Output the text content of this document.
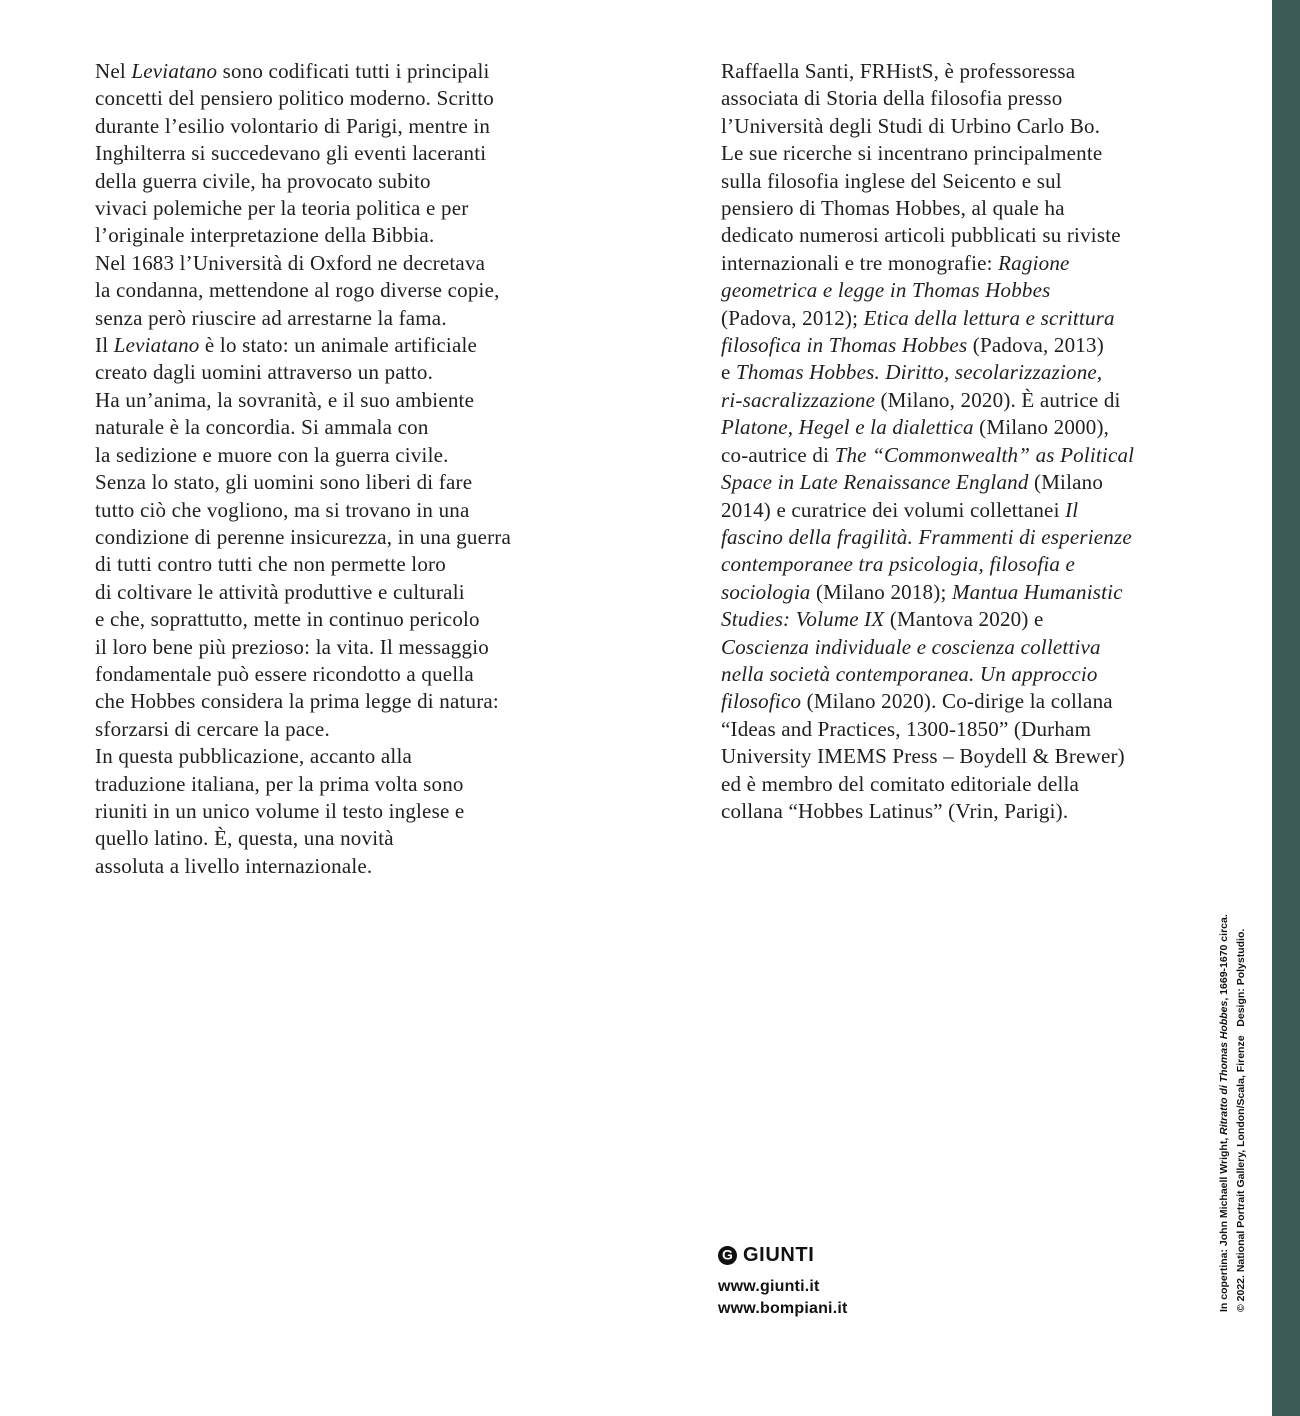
Nel Leviatano sono codificati tutti i principali
concetti del pensiero politico moderno. Scritto
durante l’esilio volontario di Parigi, mentre in
Inghilterra si succedevano gli eventi laceranti
della guerra civile, ha provocato subito
vivaci polemiche per la teoria politica e per
l’originale interpretazione della Bibbia.
Nel 1683 l’Università di Oxford ne decretava
la condanna, mettendone al rogo diverse copie,
senza però riuscire ad arrestarne la fama.
Il Leviatano è lo stato: un animale artificiale
creato dagli uomini attraverso un patto.
Ha un’anima, la sovranità, e il suo ambiente
naturale è la concordia. Si ammala con
la sedizione e muore con la guerra civile.
Senza lo stato, gli uomini sono liberi di fare
tutto ciò che vogliono, ma si trovano in una
condizione di perenne insicurezza, in una guerra
di tutti contro tutti che non permette loro
di coltivare le attività produttive e culturali
e che, soprattutto, mette in continuo pericolo
il loro bene più prezioso: la vita. Il messaggio
fondamentale può essere ricondotto a quella
che Hobbes considera la prima legge di natura:
sforzarsi di cercare la pace.
In questa pubblicazione, accanto alla
traduzione italiana, per la prima volta sono
riuniti in un unico volume il testo inglese e
quello latino. È, questa, una novità
assoluta a livello internazionale.
Raffaella Santi, FRHistS, è professoressa
associata di Storia della filosofia presso
l’Università degli Studi di Urbino Carlo Bo.
Le sue ricerche si incentrano principalmente
sulla filosofia inglese del Seicento e sul
pensiero di Thomas Hobbes, al quale ha
dedicato numerosi articoli pubblicati su riviste
internazionali e tre monografie: Ragione
geometrica e legge in Thomas Hobbes
(Padova, 2012); Etica della lettura e scrittura
filosofica in Thomas Hobbes (Padova, 2013)
e Thomas Hobbes. Diritto, secolarizzazione,
ri-sacralizzazione (Milano, 2020). È autrice di
Platone, Hegel e la dialettica (Milano 2000),
co-autrice di The “Commonwealth” as Political
Space in Late Renaissance England (Milano
2014) e curatrice dei volumi collettanei Il
fascino della fragilità. Frammenti di esperienze
contemporanee tra psicologia, filosofia e
sociologia (Milano 2018); Mantua Humanistic
Studies: Volume IX (Mantova 2020) e
Coscienza individuale e coscienza collettiva
nella società contemporanea. Un approccio
filosofico (Milano 2020). Co-dirige la collana
“Ideas and Practices, 1300-1850” (Durham
University IMEMS Press – Boydell & Brewer)
ed è membro del comitato editoriale della
collana “Hobbes Latinus” (Vrin, Parigi).
G GIUNTI
www.giunti.it
www.bompiani.it	In copertina: John Michaell Wright, Ritratto di Thomas Hobbes, 1669-1670 circa. © 2022. National Portrait Gallery, London/Scala, Firenze   Design: Polystudio.
